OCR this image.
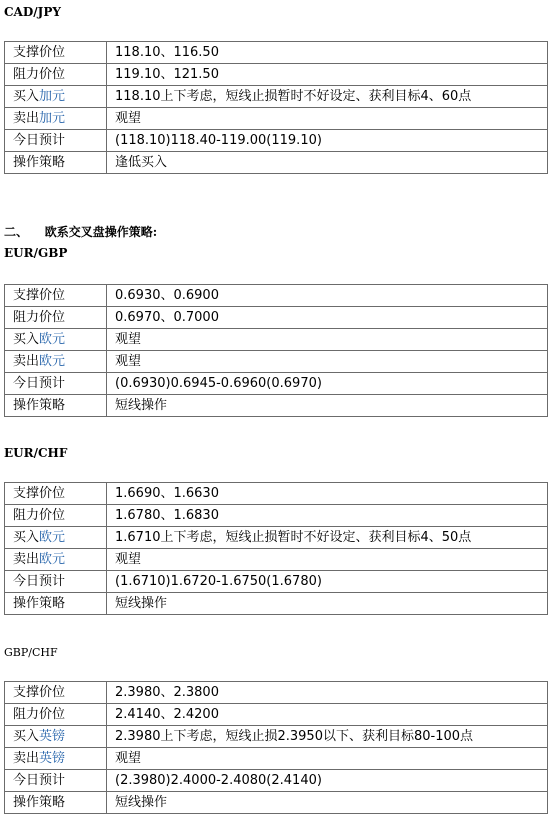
CAD/JPY
支撑价位	118.10、116.50
阻力价位	119.10、121.50
买入加元	118.10上下考虑，短线止损暂时不好设定、获利目标4、60点
卖出加元	观望
今日预计	(118.10)118.40-119.00(119.10)
操作策略	逢低买入
二、    欧系交叉盘操作策略:
EUR/GBP
支撑价位	0.6930、0.6900
阻力价位	0.6970、0.7000
买入欧元	观望
卖出欧元	观望
今日预计	(0.6930)0.6945-0.6960(0.6970)
操作策略	短线操作
EUR/CHF
支撑价位	1.6690、1.6630
阻力价位	1.6780、1.6830
买入欧元	1.6710上下考虑，短线止损暂时不好设定、获利目标4、50点
卖出欧元	观望
今日预计	(1.6710)1.6720-1.6750(1.6780)
操作策略	短线操作
GBP/CHF
支撑价位	2.3980、2.3800
阻力价位	2.4140、2.4200
买入英镑	2.3980上下考虑，短线止损2.3950以下、获利目标80-100点
卖出英镑	观望
今日预计	(2.3980)2.4000-2.4080(2.4140)
操作策略	短线操作
